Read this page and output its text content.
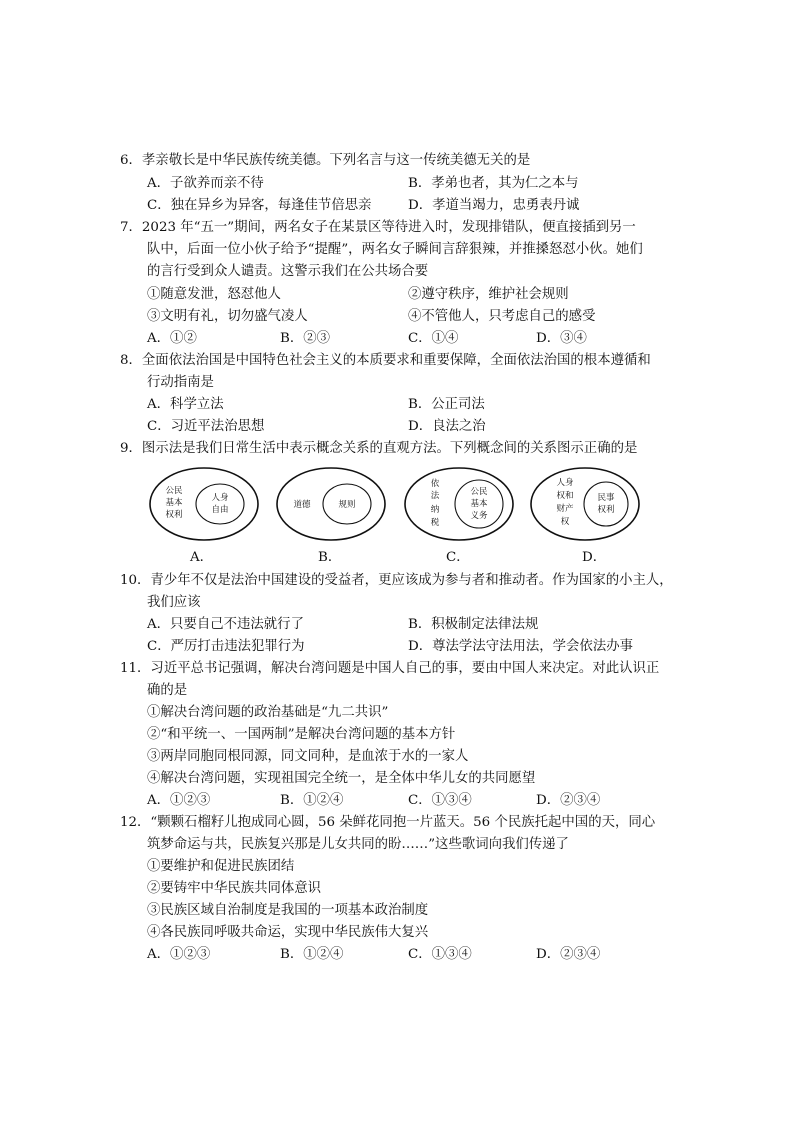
6．孝亲敬长是中华民族传统美德。下列名言与这一传统美德无关的是
A．子欲养而亲不待	B．孝弟也者，其为仁之本与
C．独在异乡为异客，每逢佳节倍思亲	D．孝道当竭力，忠勇表丹诚
7．2023 年“五一”期间，两名女子在某景区等待进入时，发现排错队，便直接插到另一
队中，后面一位小伙子给予“提醒”，两名女子瞬间言辞狠辣，并推搡怒怼小伙。她们
的言行受到众人谴责。这警示我们在公共场合要
①随意发泄，怒怼他人	②遵守秩序，维护社会规则
③文明有礼，切勿盛气凌人	④不管他人，只考虑自己的感受
A．①②	B．②③	C．①④	D．③④
8．全面依法治国是中国特色社会主义的本质要求和重要保障，全面依法治国的根本遵循和
行动指南是
A．科学立法	B．公正司法
C．习近平法治思想	D．良法之治
9．图示法是我们日常生活中表示概念关系的直观方法。下列概念间的关系图示正确的是
公民
基本
权利
人身
自由	道德	规则
依
法
纳
税
公民
基本
义务
人身
权和
财产
权
民事
权利
A．	B．	C．	D．
10．青少年不仅是法治中国建设的受益者，更应该成为参与者和推动者。作为国家的小主人，
我们应该
A．只要自己不违法就行了	B．积极制定法律法规
C．严厉打击违法犯罪行为	D．尊法学法守法用法，学会依法办事
11．习近平总书记强调，解决台湾问题是中国人自己的事，要由中国人来决定。对此认识正
确的是
①解决台湾问题的政治基础是“九二共识”
②“和平统一、一国两制”是解决台湾问题的基本方针
③两岸同胞同根同源，同文同种，是血浓于水的一家人
④解决台湾问题，实现祖国完全统一，是全体中华儿女的共同愿望
A．①②③	B．①②④	C．①③④	D．②③④
12．“颗颗石榴籽儿抱成同心圆，56 朵鲜花同抱一片蓝天。56 个民族托起中国的天，同心
筑梦命运与共，民族复兴那是儿女共同的盼……”这些歌词向我们传递了
①要维护和促进民族团结
②要铸牢中华民族共同体意识
③民族区域自治制度是我国的一项基本政治制度
④各民族同呼吸共命运，实现中华民族伟大复兴
A．①②③	B．①②④	C．①③④	D．②③④
